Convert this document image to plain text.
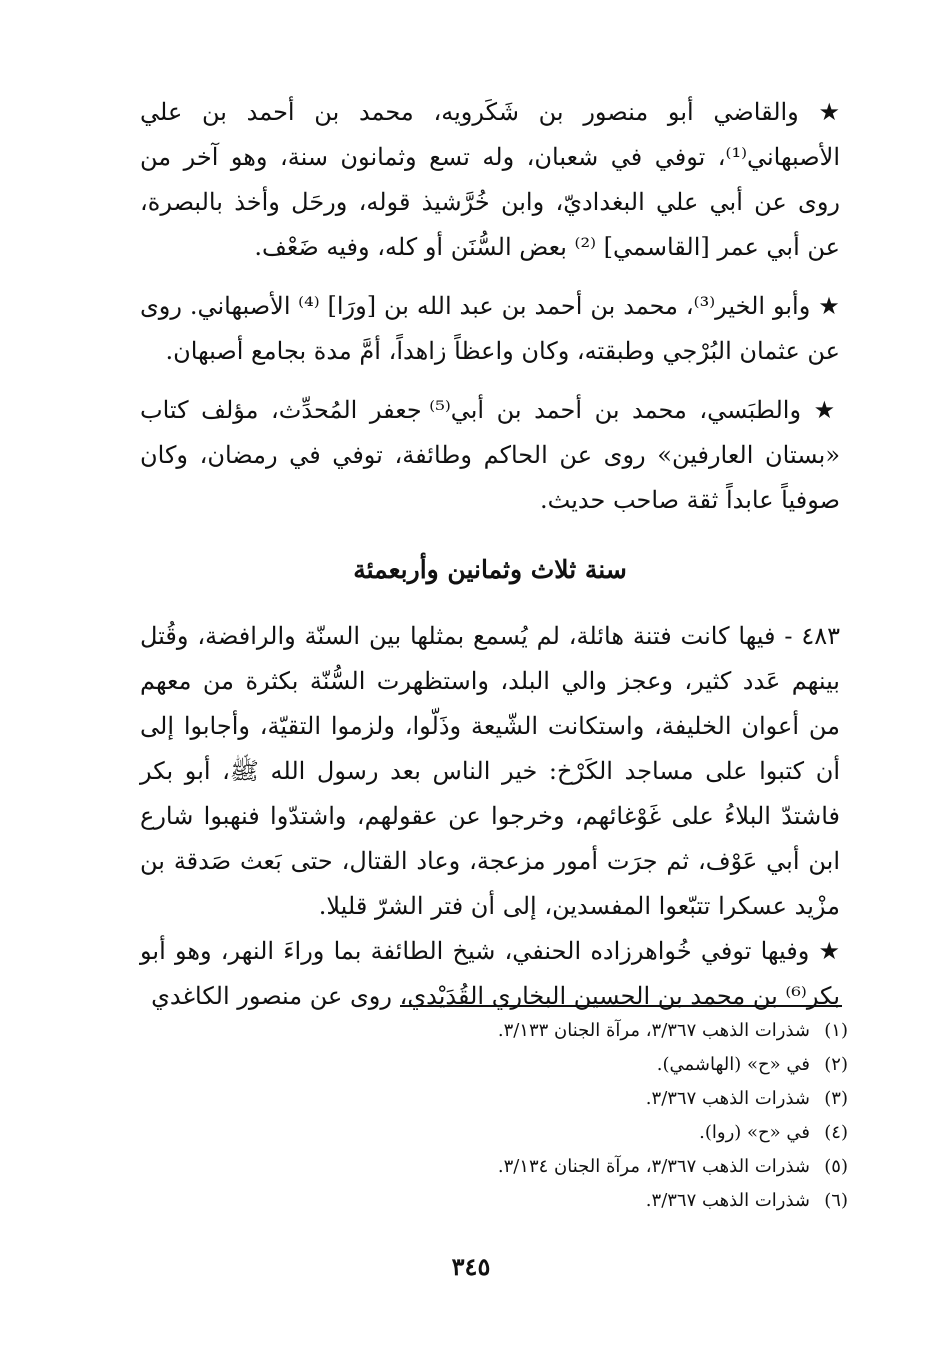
★ والقاضي أبو منصور بن شَكَرويه، محمد بن أحمد بن علي الأصبهاني⁽¹⁾، توفي في شعبان، وله تسع وثمانون سنة، وهو آخر من روى عن أبي علي البغداديّ، وابن خُرَّشيذ قوله، ورحَل وأخذ بالبصرة، عن أبي عمر [القاسمي] ⁽²⁾ بعض السُّنَن أو كله، وفيه ضَعْف.

★ وأبو الخير⁽³⁾، محمد بن أحمد بن عبد الله بن [ورَا] ⁽⁴⁾ الأصبهاني. روى عن عثمان البُرْجي وطبقته، وكان واعظاً زاهداً، أمَّ مدة بجامع أصبهان.

★ والطبَسي، محمد بن أحمد بن أبي⁽⁵⁾ جعفر المُحدِّث، مؤلف كتاب «بستان العارفين» روى عن الحاكم وطائفة، توفي في رمضان، وكان صوفياً عابداً ثقة صاحب حديث.

سنة ثلاث وثمانين وأربعمئة

٤٨٣ - فيها كانت فتنة هائلة، لم يُسمع بمثلها بين السنّة والرافضة، وقُتل بينهم عَدد كثير، وعجز والي البلد، واستظهرت السُّنّة بكثرة من معهم من أعوان الخليفة، واستكانت الشّيعة وذَلّوا، ولزموا التقيّة، وأجابوا إلى أن كتبوا على مساجد الكَرْخ: خير الناس بعد رسول الله ﷺ، أبو بكر فاشتدّ البلاءُ على غَوْغائهم، وخرجوا عن عقولهم، واشتدّوا فنهبوا شارع ابن أبي عَوْف، ثم جرَت أمور مزعجة، وعاد القتال، حتى بَعث صَدقة بن مزْيد عسكرا تتبّعوا المفسدين، إلى أن فتر الشرّ قليلا.

★ وفيها توفي خُواهرزاده الحنفي، شيخ الطائفة بما وراءَ النهر، وهو أبو بكر⁽⁶⁾ بن محمد بن الحسين البخاري القُدَيْدي، روى عن منصور الكاغدي

(١)
شذرات الذهب ٣/٣٦٧، مرآة الجنان ٣/١٣٣.
(٢)
في «ح» (الهاشمي).
(٣)
شذرات الذهب ٣/٣٦٧.
(٤)
في «ح» (روا).
(٥)
شذرات الذهب ٣/٣٦٧، مرآة الجنان ٣/١٣٤.
(٦)
شذرات الذهب ٣/٣٦٧.
٣٤٥
